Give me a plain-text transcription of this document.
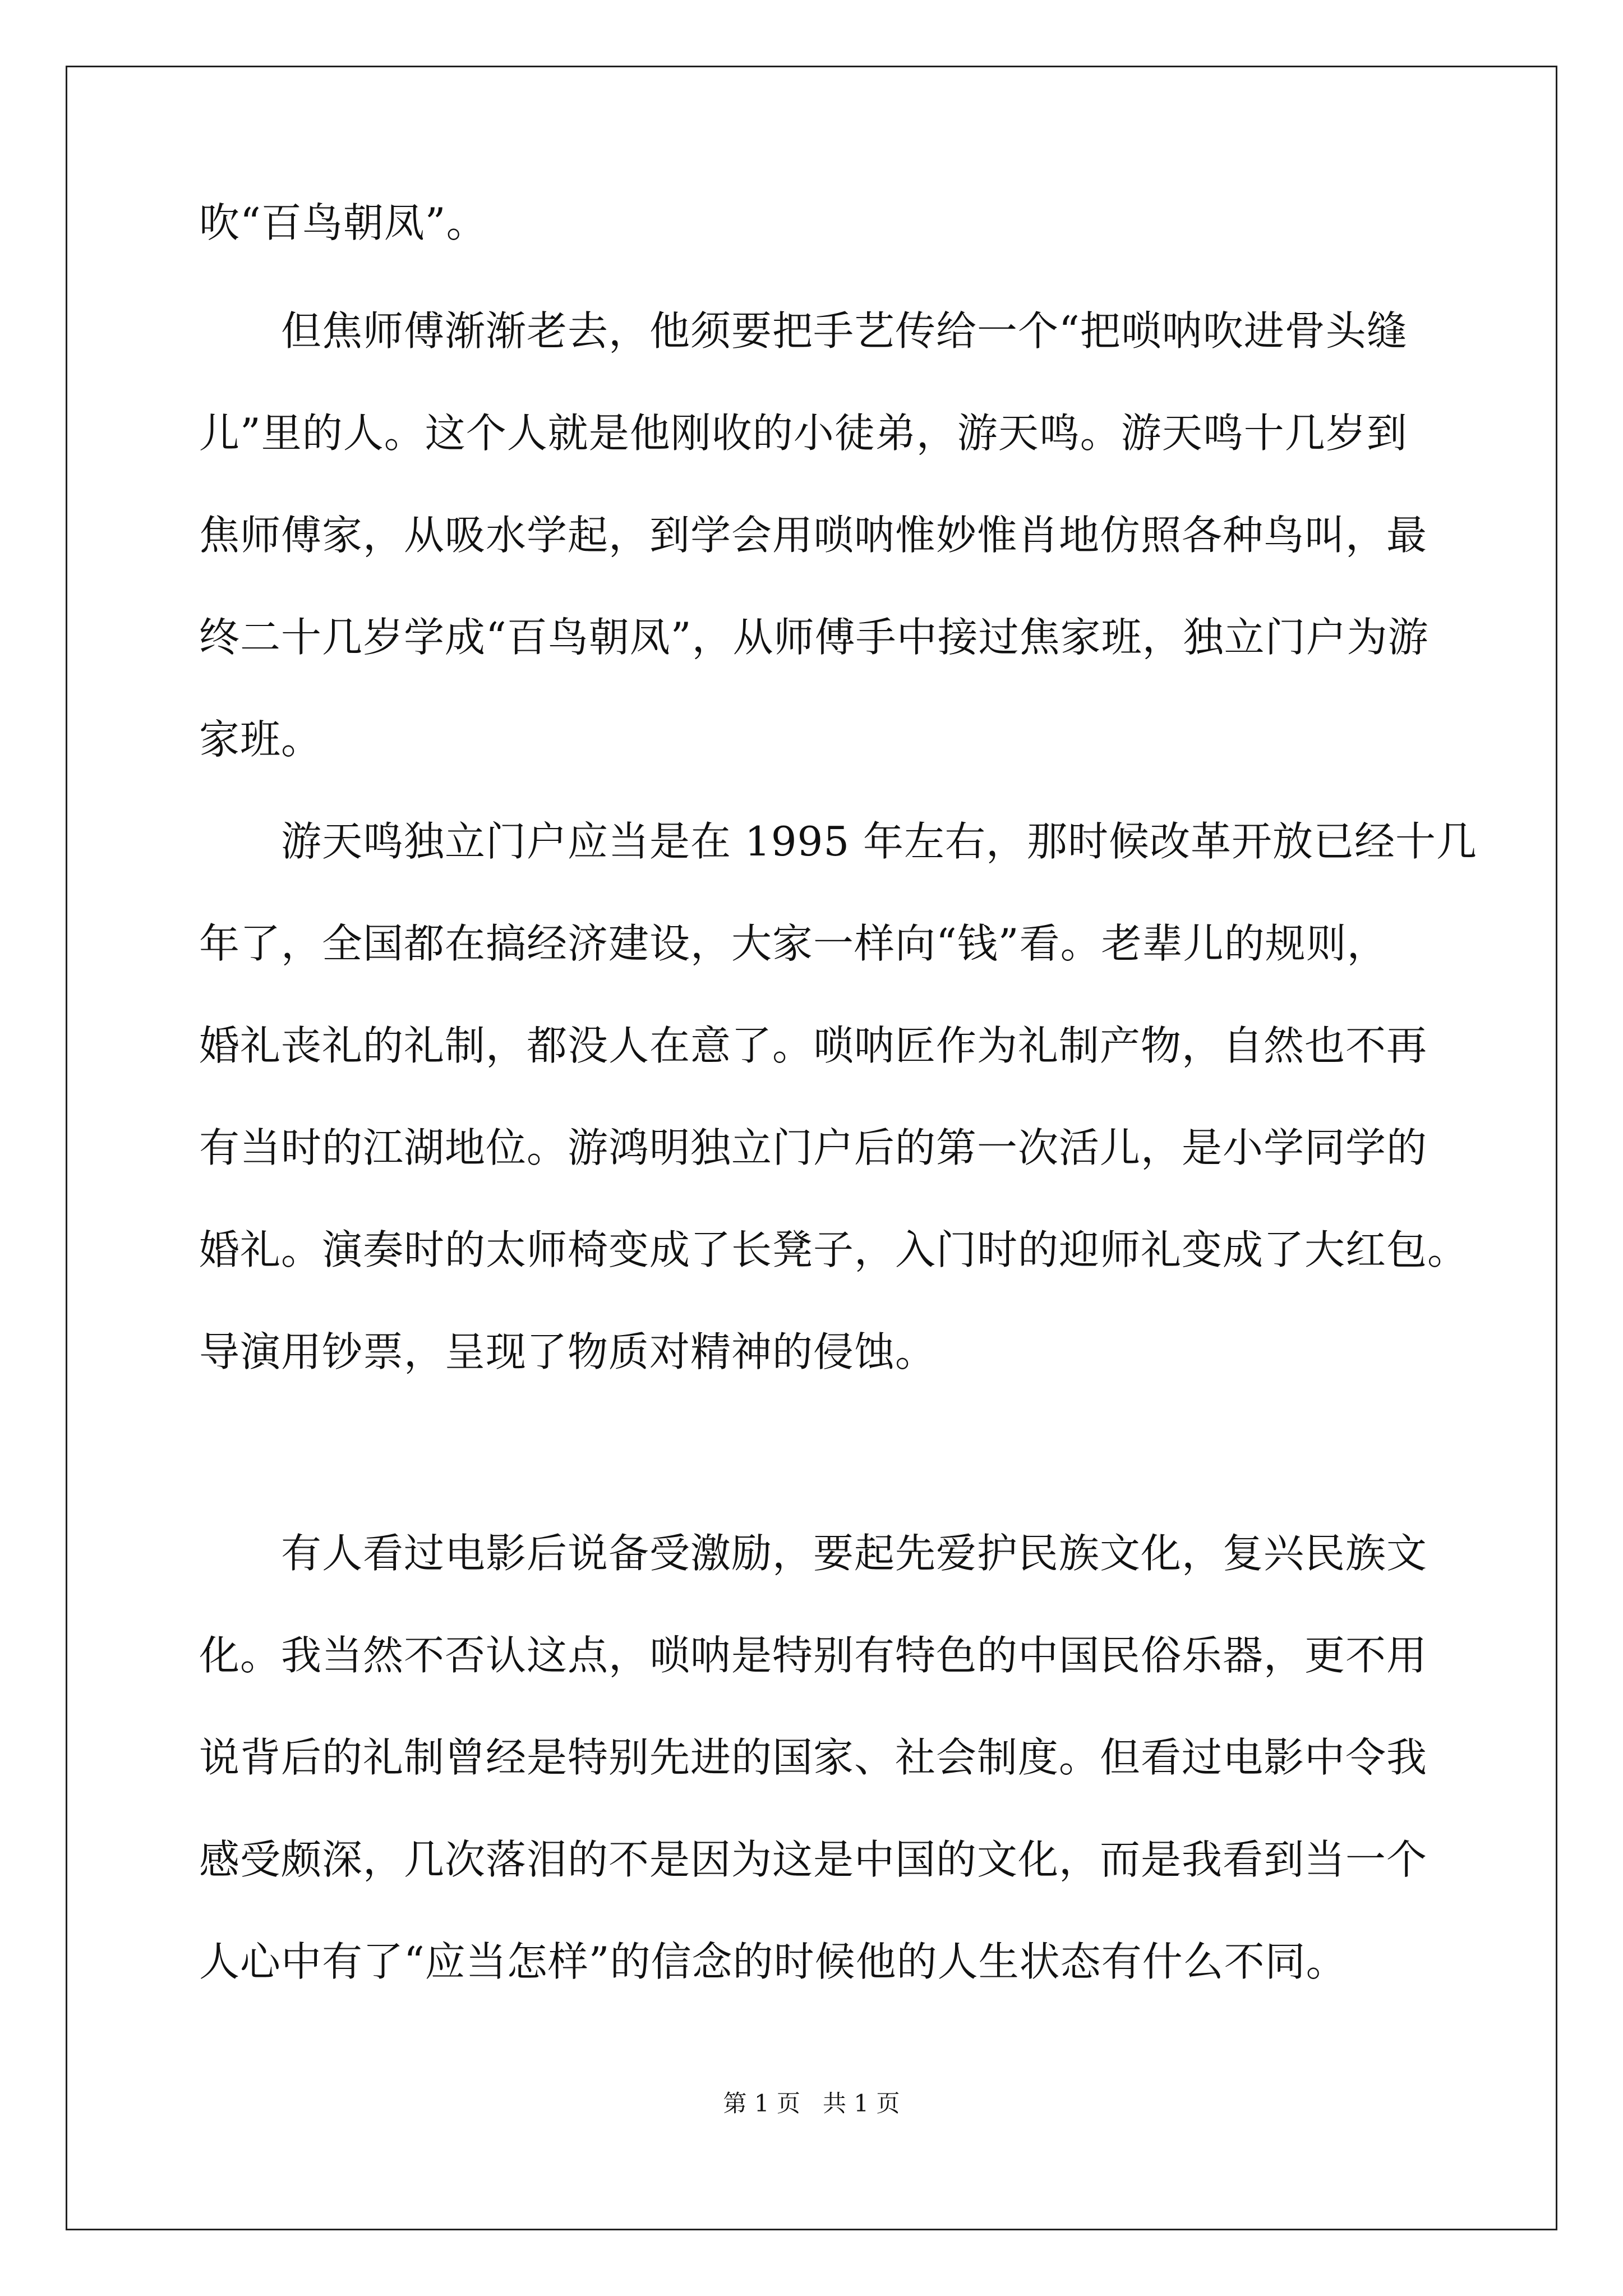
吹“百鸟朝凤”。
但焦师傅渐渐老去，他须要把手艺传给一个“把唢呐吹进骨头缝
儿”里的人。这个人就是他刚收的小徒弟，游天鸣。游天鸣十几岁到
焦师傅家，从吸水学起，到学会用唢呐惟妙惟肖地仿照各种鸟叫，最
终二十几岁学成“百鸟朝凤”，从师傅手中接过焦家班，独立门户为游
家班。
游天鸣独立门户应当是在 1995 年左右，那时候改革开放已经十几
年了，全国都在搞经济建设，大家一样向“钱”看。老辈儿的规则，
婚礼丧礼的礼制，都没人在意了。唢呐匠作为礼制产物，自然也不再
有当时的江湖地位。游鸿明独立门户后的第一次活儿，是小学同学的
婚礼。演奏时的太师椅变成了长凳子，入门时的迎师礼变成了大红包。
导演用钞票，呈现了物质对精神的侵蚀。
有人看过电影后说备受激励，要起先爱护民族文化，复兴民族文
化。我当然不否认这点，唢呐是特别有特色的中国民俗乐器，更不用
说背后的礼制曾经是特别先进的国家、社会制度。但看过电影中令我
感受颇深，几次落泪的不是因为这是中国的文化，而是我看到当一个
人心中有了“应当怎样”的信念的时候他的人生状态有什么不同。
第 1 页 共 1 页
